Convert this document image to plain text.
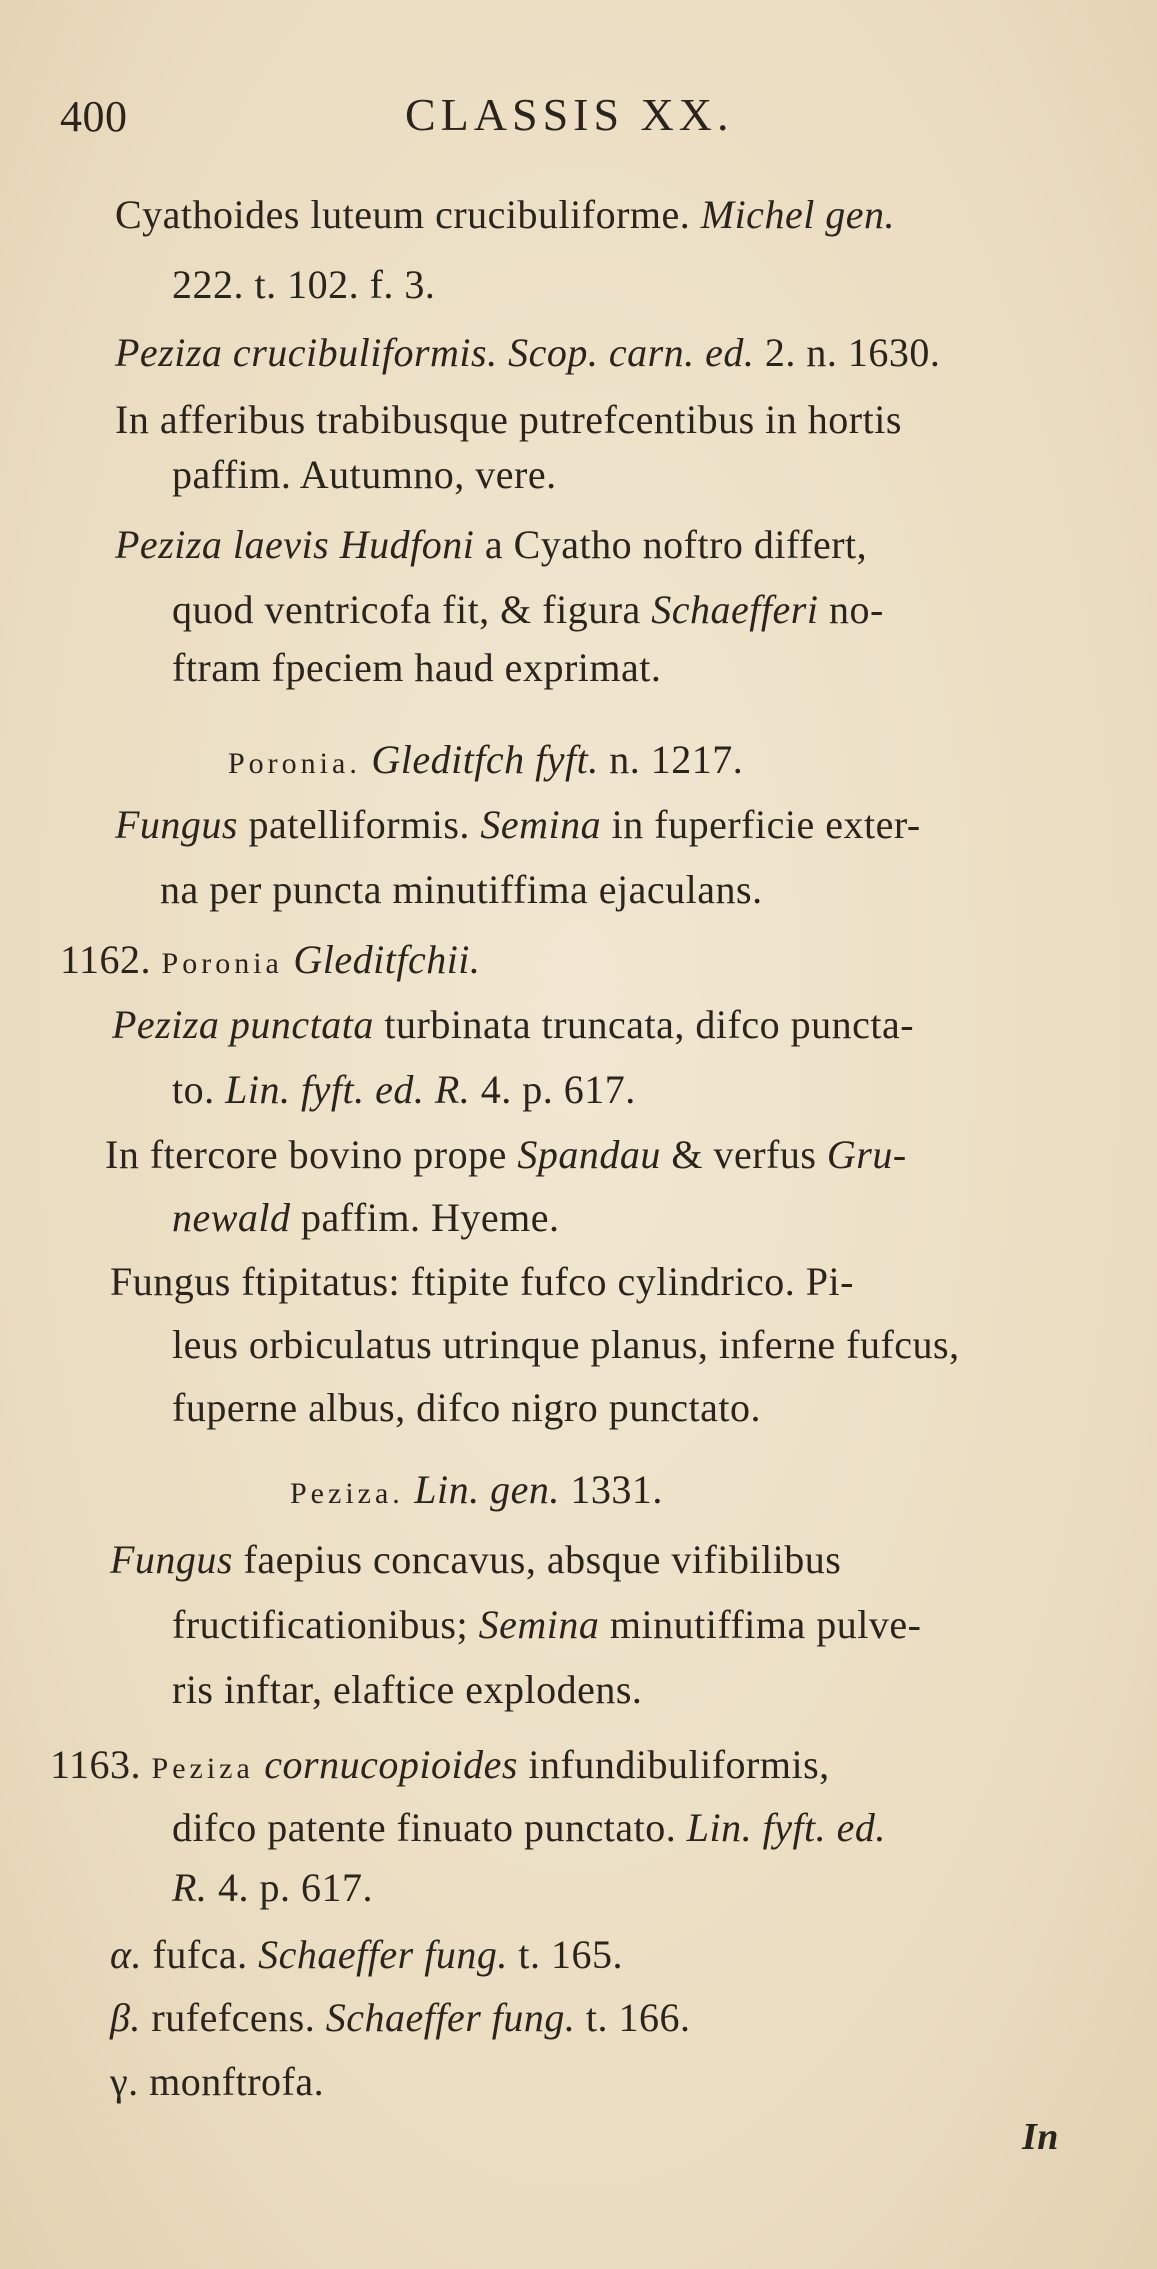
400	CLASSIS XX.
Cyathoides luteum crucibuliforme. Michel gen.
222. t. 102. f. 3.
Peziza crucibuliformis. Scop. carn. ed. 2. n. 1630.
In afferibus trabibusque putrefcentibus in hortis
paffim. Autumno, vere.
Peziza laevis Hudfoni a Cyatho noftro differt,
quod ventricofa fit, & figura Schaefferi no-
ftram fpeciem haud exprimat.
Poronia. Gleditfch fyft. n. 1217.
Fungus patelliformis. Semina in fuperficie exter-
na per puncta minutiffima ejaculans.
1162. Poronia Gleditfchii.
Peziza punctata turbinata truncata, difco puncta-
to. Lin. fyft. ed. R. 4. p. 617.
In ftercore bovino prope Spandau & verfus Gru-
newald paffim. Hyeme.
Fungus ftipitatus: ftipite fufco cylindrico. Pi-
leus orbiculatus utrinque planus, inferne fufcus,
fuperne albus, difco nigro punctato.
Peziza. Lin. gen. 1331.
Fungus faepius concavus, absque vifibilibus
fructificationibus; Semina minutiffima pulve-
ris inftar, elaftice explodens.
1163. Peziza cornucopioides infundibuliformis,
difco patente finuato punctato. Lin. fyft. ed.
R. 4. p. 617.
α. fufca. Schaeffer fung. t. 165.
β. rufefcens. Schaeffer fung. t. 166.
γ. monftrofa.
In
